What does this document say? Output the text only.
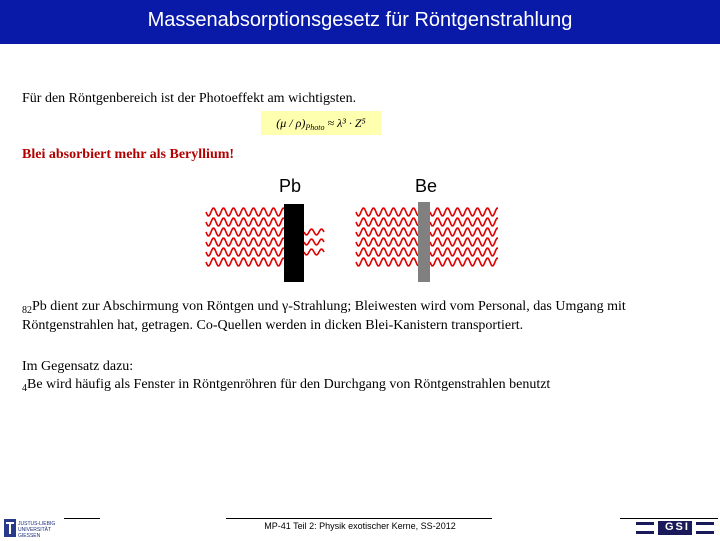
Massenabsorptionsgesetz für Röntgenstrahlung
Für den Röntgenbereich ist der Photoeffekt am wichtigsten.
$(\mu / \rho)_{Photo} \approx \lambda^3 \cdot Z^5$
Blei absorbiert mehr als Beryllium!
Pb	Be
$_{82}$Pb dient zur Abschirmung von Röntgen und γ-Strahlung; Bleiwesten wird vom Personal, das Umgang mit Röntgenstrahlen hat, getragen. Co-Quellen werden in dicken Blei-Kanistern transportiert.
Im Gegensatz dazu:
$_4$Be wird häufig als Fenster in Röntgenröhren für den Durchgang von Röntgenstrahlen benutzt
JUSTUS-LIEBIG UNIVERSITÄT GIESSEN
MP-41 Teil 2: Physik exotischer Kerne, SS-2012	GSI
